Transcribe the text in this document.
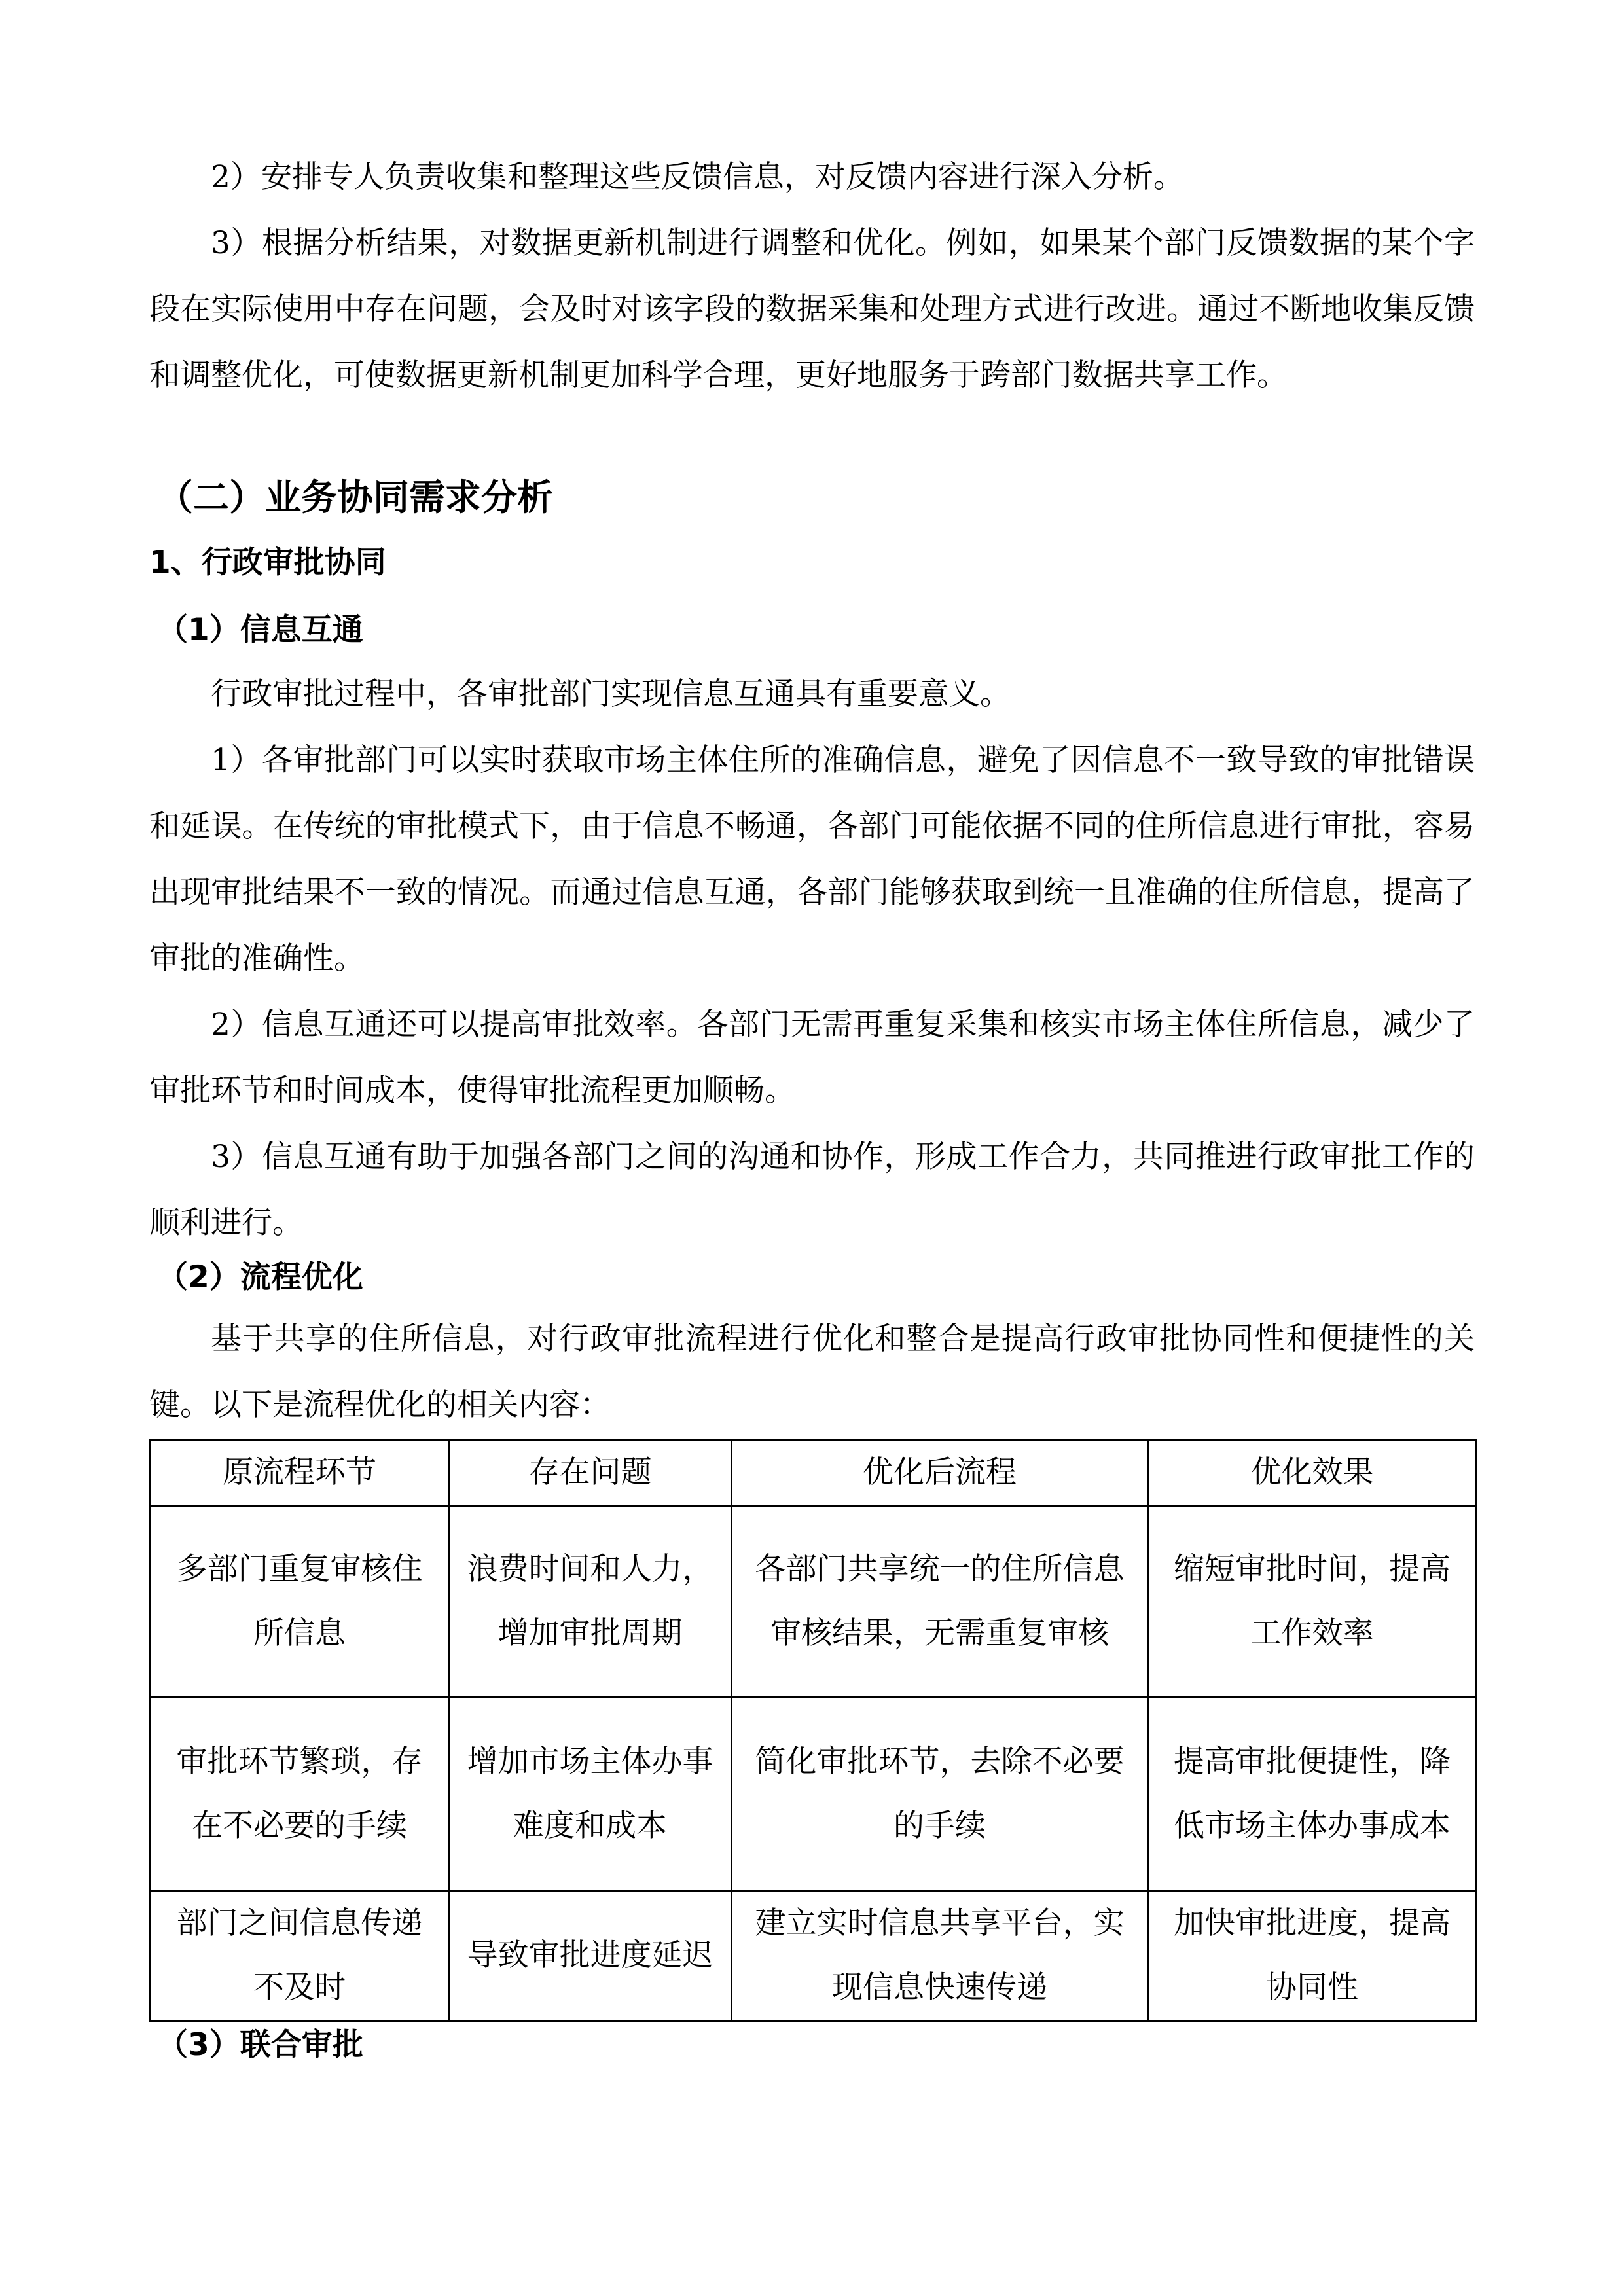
2）安排专人负责收集和整理这些反馈信息，对反馈内容进行深入分析。

3）根据分析结果，对数据更新机制进行调整和优化。例如，如果某个部门反馈数据的某个字段在实际使用中存在问题，会及时对该字段的数据采集和处理方式进行改进。通过不断地收集反馈和调整优化，可使数据更新机制更加科学合理，更好地服务于跨部门数据共享工作。

（二）业务协同需求分析
1、行政审批协同
（1）信息互通

行政审批过程中，各审批部门实现信息互通具有重要意义。

1）各审批部门可以实时获取市场主体住所的准确信息，避免了因信息不一致导致的审批错误和延误。在传统的审批模式下，由于信息不畅通，各部门可能依据不同的住所信息进行审批，容易出现审批结果不一致的情况。而通过信息互通，各部门能够获取到统一且准确的住所信息，提高了审批的准确性。

2）信息互通还可以提高审批效率。各部门无需再重复采集和核实市场主体住所信息，减少了审批环节和时间成本，使得审批流程更加顺畅。

3）信息互通有助于加强各部门之间的沟通和协作，形成工作合力，共同推进行政审批工作的顺利进行。

（2）流程优化

基于共享的住所信息，对行政审批流程进行优化和整合是提高行政审批协同性和便捷性的关键。以下是流程优化的相关内容：

原流程环节	存在问题	优化后流程	优化效果
多部门重复审核住所信息	浪费时间和人力，增加审批周期	各部门共享统一的住所信息审核结果，无需重复审核	缩短审批时间，提高工作效率
审批环节繁琐，存在不必要的手续	增加市场主体办事难度和成本	简化审批环节，去除不必要的手续	提高审批便捷性，降低市场主体办事成本
部门之间信息传递不及时	导致审批进度延迟	建立实时信息共享平台，实现信息快速传递	加快审批进度，提高协同性
（3）联合审批
